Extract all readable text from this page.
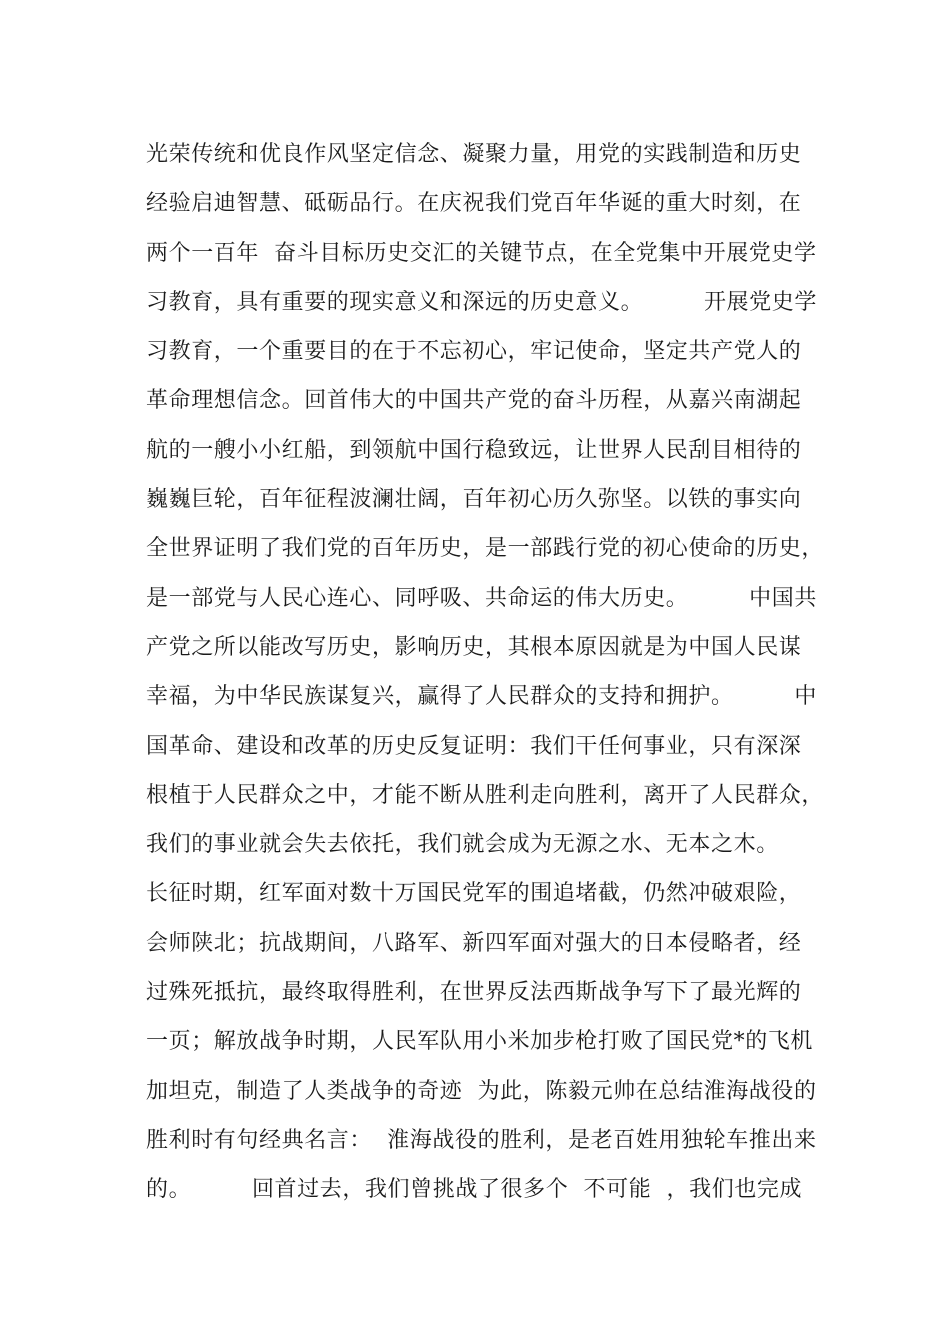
光荣传统和优良作风坚定信念、凝聚力量，用党的实践制造和历史
经验启迪智慧、砥砺品行。在庆祝我们党百年华诞的重大时刻，在
两个一百年  奋斗目标历史交汇的关键节点，在全党集中开展党史学
习教育，具有重要的现实意义和深远的历史意义。        开展党史学
习教育，一个重要目的在于不忘初心，牢记使命，坚定共产党人的
革命理想信念。回首伟大的中国共产党的奋斗历程，从嘉兴南湖起
航的一艘小小红船，到领航中国行稳致远，让世界人民刮目相待的
巍巍巨轮，百年征程波澜壮阔，百年初心历久弥坚。以铁的事实向
全世界证明了我们党的百年历史，是一部践行党的初心使命的历史，
是一部党与人民心连心、同呼吸、共命运的伟大历史。        中国共
产党之所以能改写历史，影响历史，其根本原因就是为中国人民谋
幸福，为中华民族谋复兴，赢得了人民群众的支持和拥护。        中
国革命、建设和改革的历史反复证明：我们干任何事业，只有深深
根植于人民群众之中，才能不断从胜利走向胜利，离开了人民群众，
我们的事业就会失去依托，我们就会成为无源之水、无本之木。
长征时期，红军面对数十万国民党军的围追堵截，仍然冲破艰险，
会师陕北；抗战期间，八路军、新四军面对强大的日本侵略者，经
过殊死抵抗，最终取得胜利，在世界反法西斯战争写下了最光辉的
一页；解放战争时期，人民军队用小米加步枪打败了国民党*的飞机
加坦克，制造了人类战争的奇迹  为此，陈毅元帅在总结淮海战役的
胜利时有句经典名言：  淮海战役的胜利，是老百姓用独轮车推出来
的。        回首过去，我们曾挑战了很多个  不可能  ，我们也完成
